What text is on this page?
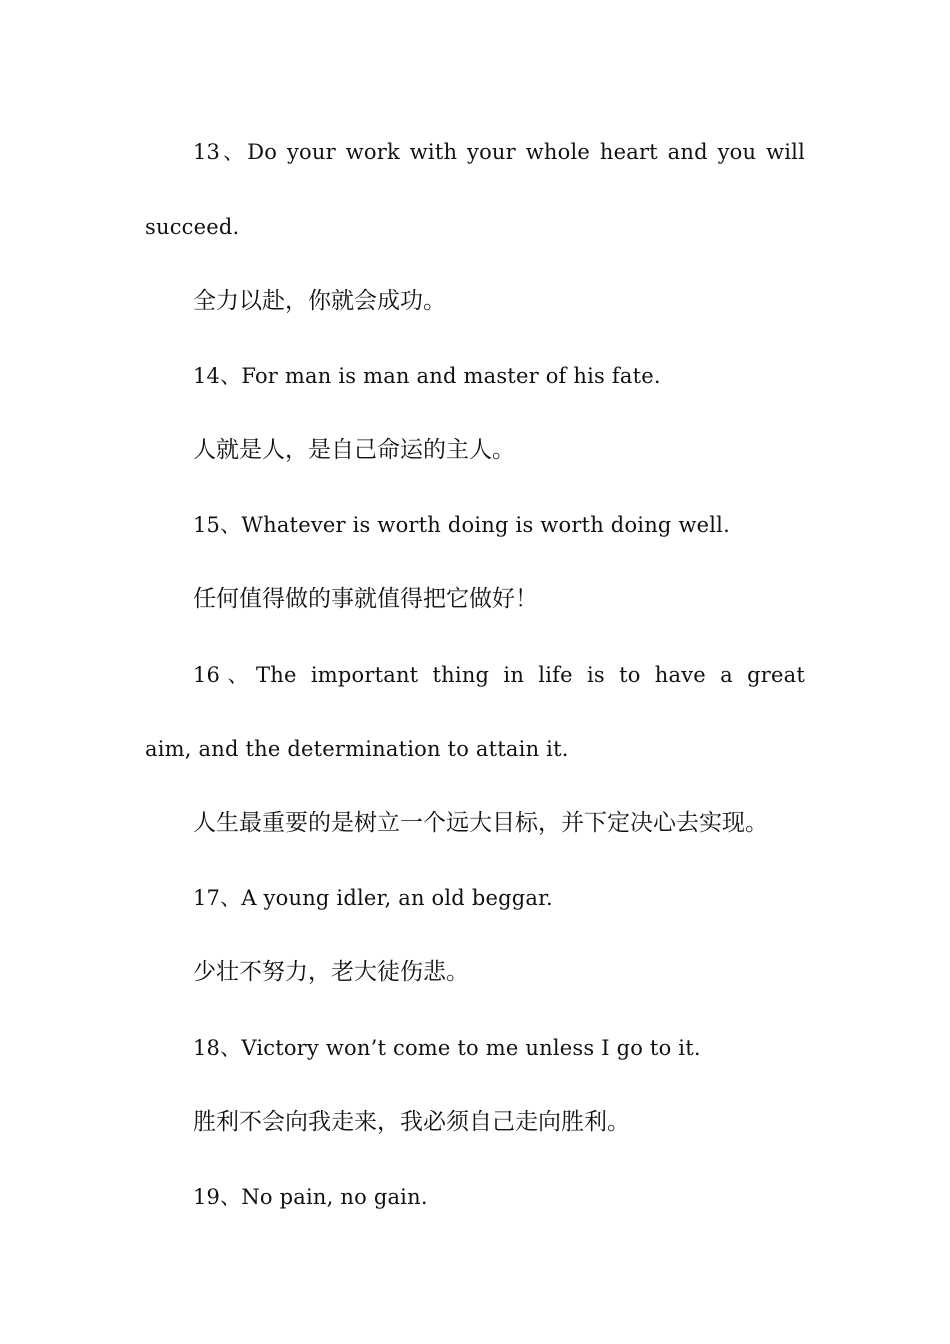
13、Do your work with your whole heart and you will
succeed.
全力以赴，你就会成功。
14、For man is man and master of his fate.
人就是人，是自己命运的主人。
15、Whatever is worth doing is worth doing well.
任何值得做的事就值得把它做好！
16、The important thing in life is to have a great
aim, and the determination to attain it.
人生最重要的是树立一个远大目标，并下定决心去实现。
17、A young idler, an old beggar.
少壮不努力，老大徒伤悲。
18、Victory won’t come to me unless I go to it.
胜利不会向我走来，我必须自己走向胜利。
19、No pain, no gain.
